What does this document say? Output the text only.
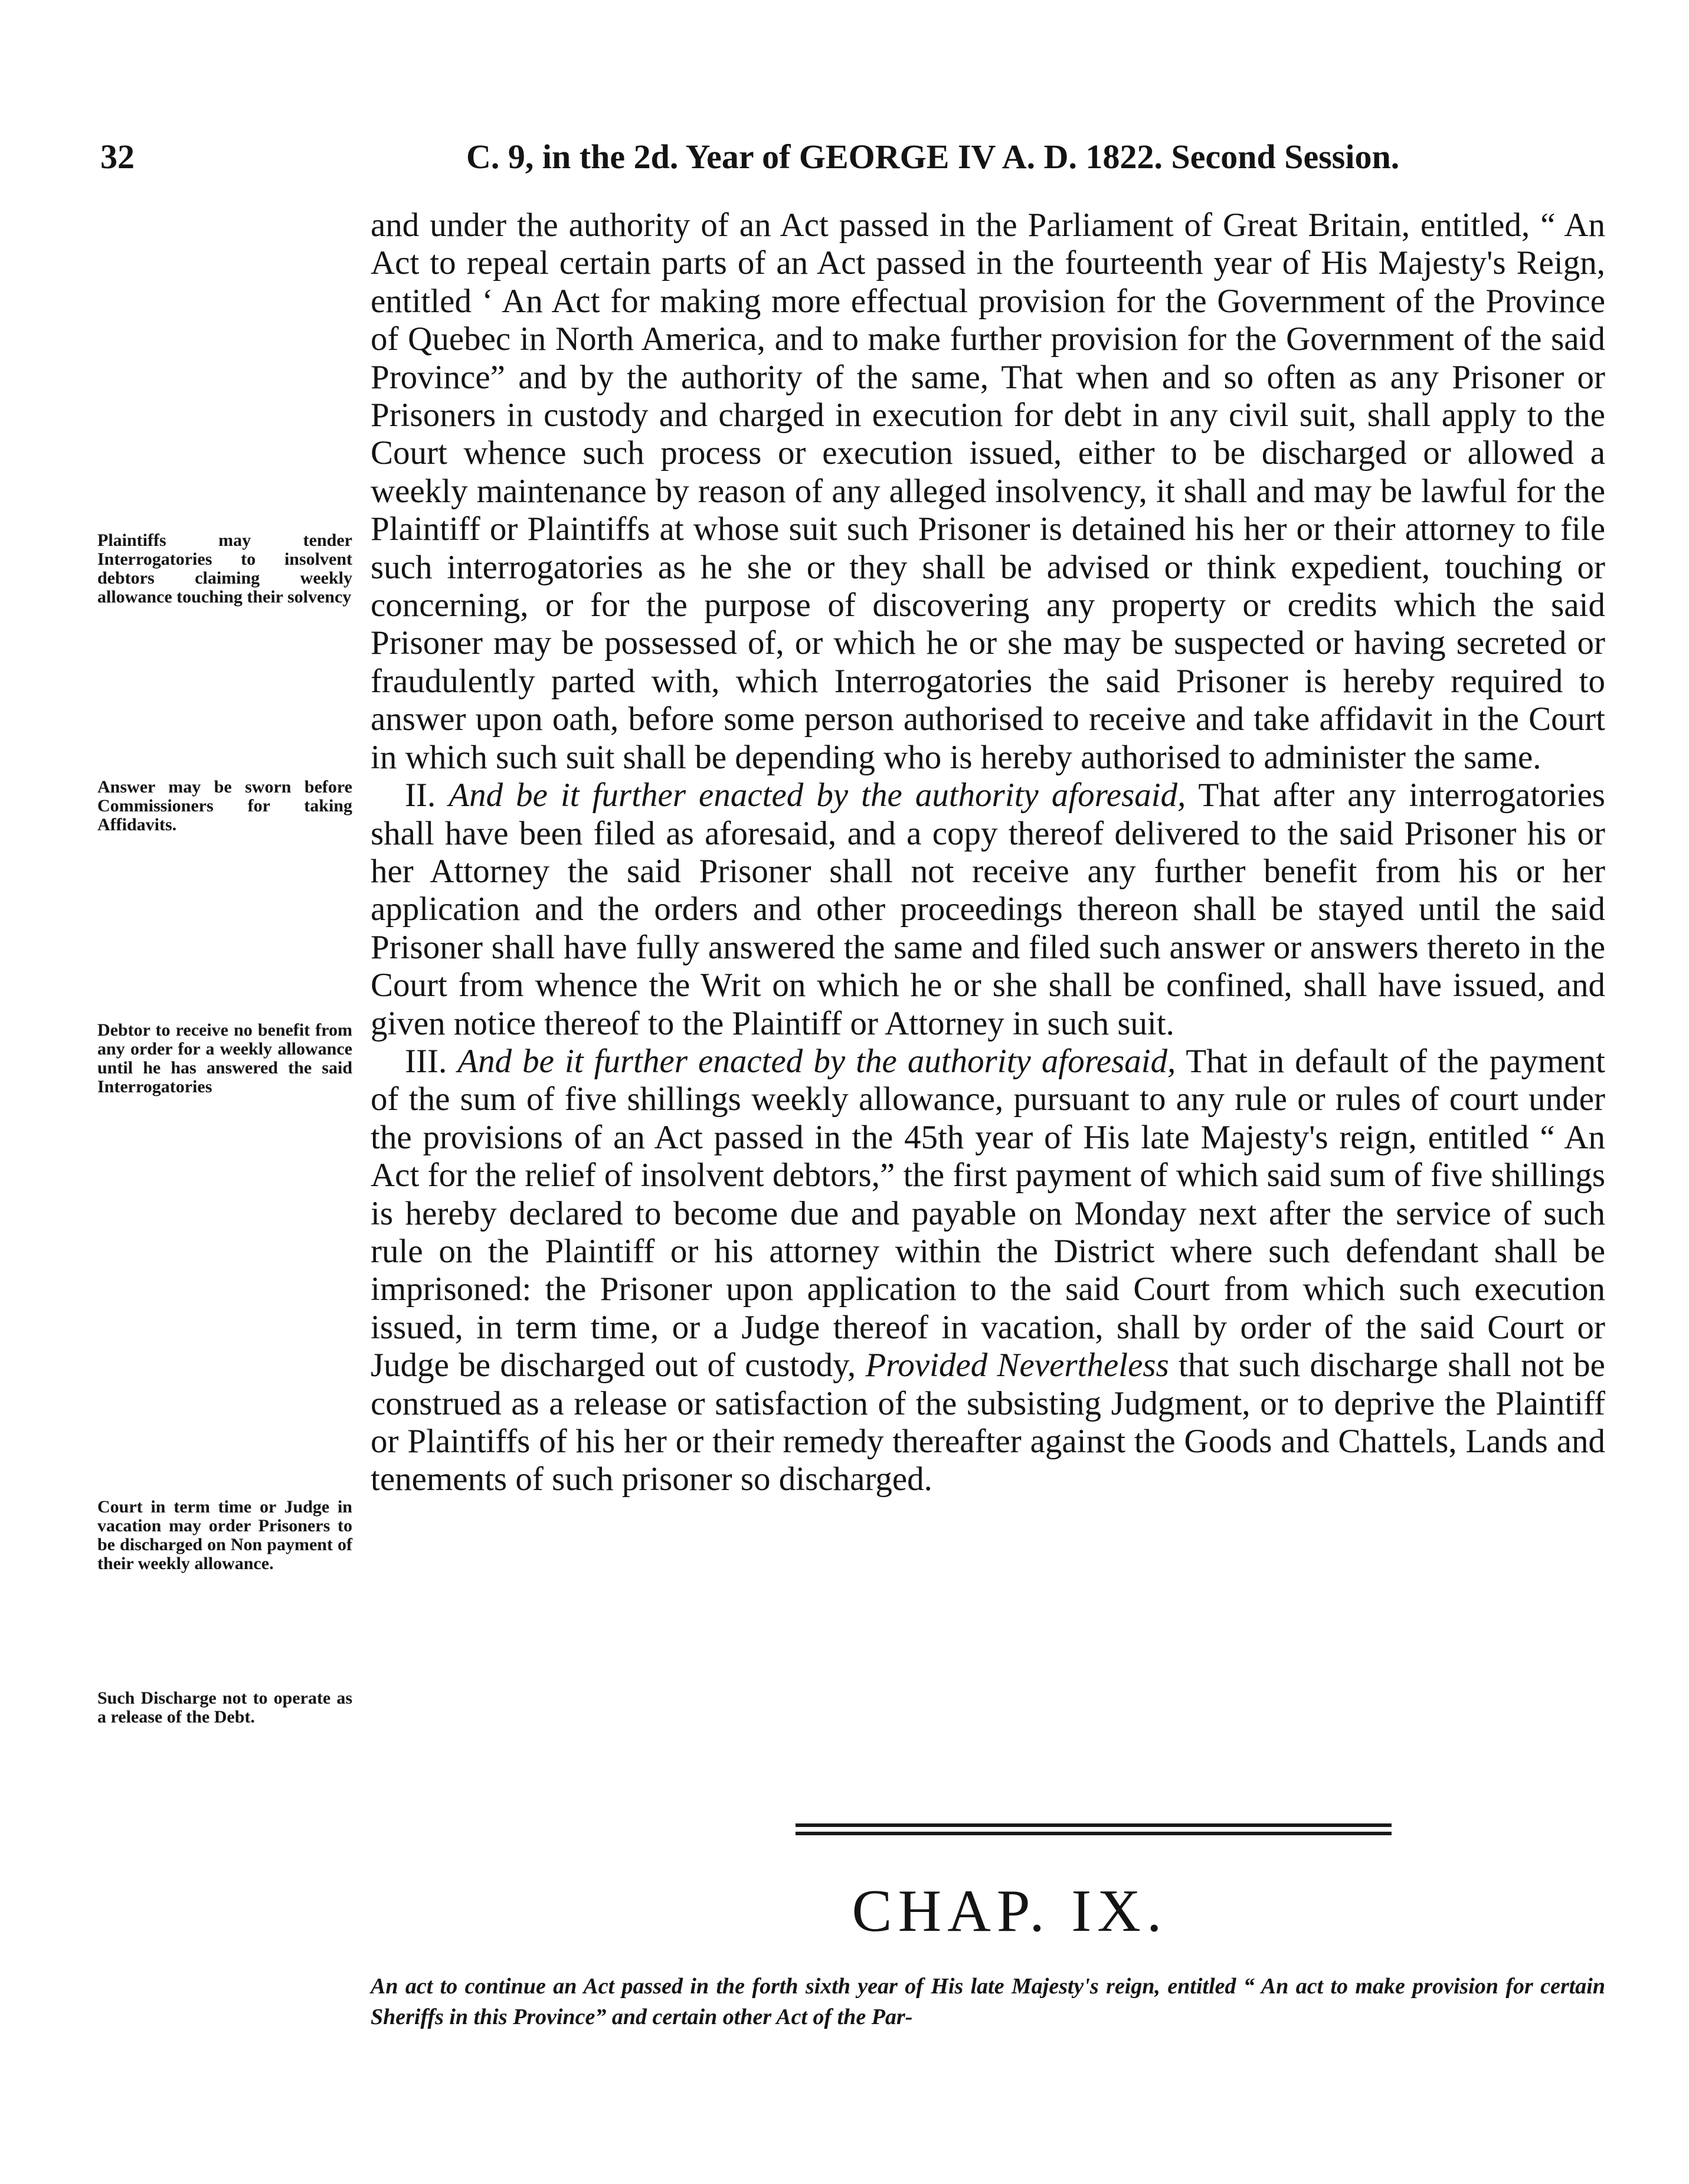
32	C. 9, in the 2d. Year of GEORGE IV A. D. 1822. Second Session.

and under the authority of an Act passed in the Parliament of Great Britain, entitled, “ An Act to repeal certain parts of an Act passed in the fourteenth year of His Majesty's Reign, entitled ‘ An Act for making more effectual provision for the Government of the Province of Quebec in North America, and to make further provision for the Government of the said Province” and by the authority of the same, That when and so often as any Prisoner or Prisoners in custody and charged in execution for debt in any civil suit, shall apply to the Court whence such process or execution issued, either to be discharged or allowed a weekly maintenance by reason of any alleged insolvency, it shall and may be lawful for the Plaintiff or Plaintiffs at whose suit such Prisoner is detained his her or their attorney to file such interrogatories as he she or they shall be advised or think expedient, touching or concerning, or for the purpose of discovering any property or credits which the said Prisoner may be possessed of, or which he or she may be suspected or having secreted or fraudulently parted with, which Interrogatories the said Prisoner is hereby required to answer upon oath, before some person authorised to receive and take affidavit in the Court in which such suit shall be depending who is hereby authorised to administer the same.

II. And be it further enacted by the authority aforesaid, That after any interrogatories shall have been filed as aforesaid, and a copy thereof delivered to the said Prisoner his or her Attorney the said Prisoner shall not receive any further benefit from his or her application and the orders and other proceedings thereon shall be stayed until the said Prisoner shall have fully answered the same and filed such answer or answers thereto in the Court from whence the Writ on which he or she shall be confined, shall have issued, and given notice thereof to the Plaintiff or Attorney in such suit.

III. And be it further enacted by the authority aforesaid, That in default of the payment of the sum of five shillings weekly allowance, pursuant to any rule or rules of court under the provisions of an Act passed in the 45th year of His late Majesty's reign, entitled “ An Act for the relief of insolvent debtors,” the first payment of which said sum of five shillings is hereby declared to become due and payable on Monday next after the service of such rule on the Plaintiff or his attorney within the District where such defendant shall be imprisoned: the Prisoner upon application to the said Court from which such execution issued, in term time, or a Judge thereof in vacation, shall by order of the said Court or Judge be discharged out of custody, Provided Nevertheless that such discharge shall not be construed as a release or satisfaction of the subsisting Judgment, or to deprive the Plaintiff or Plaintiffs of his her or their remedy thereafter against the Goods and Chattels, Lands and tenements of such prisoner so discharged.

Plaintiffs may tender Interrogatories to insolvent debtors claiming weekly allowance touching their solvency
Answer may be sworn before Commissioners for taking Affidavits.
Debtor to receive no benefit from any order for a weekly allowance until he has answered the said Interrogatories
Court in term time or Judge in vacation may order Prisoners to be discharged on Non payment of their weekly allowance.
Such Discharge not to operate as a release of the Debt.
CHAP. IX.
An act to continue an Act passed in the forth sixth year of His late Majesty's reign, entitled “ An act to make provision for certain Sheriffs in this Province” and certain other Act of the Par-
